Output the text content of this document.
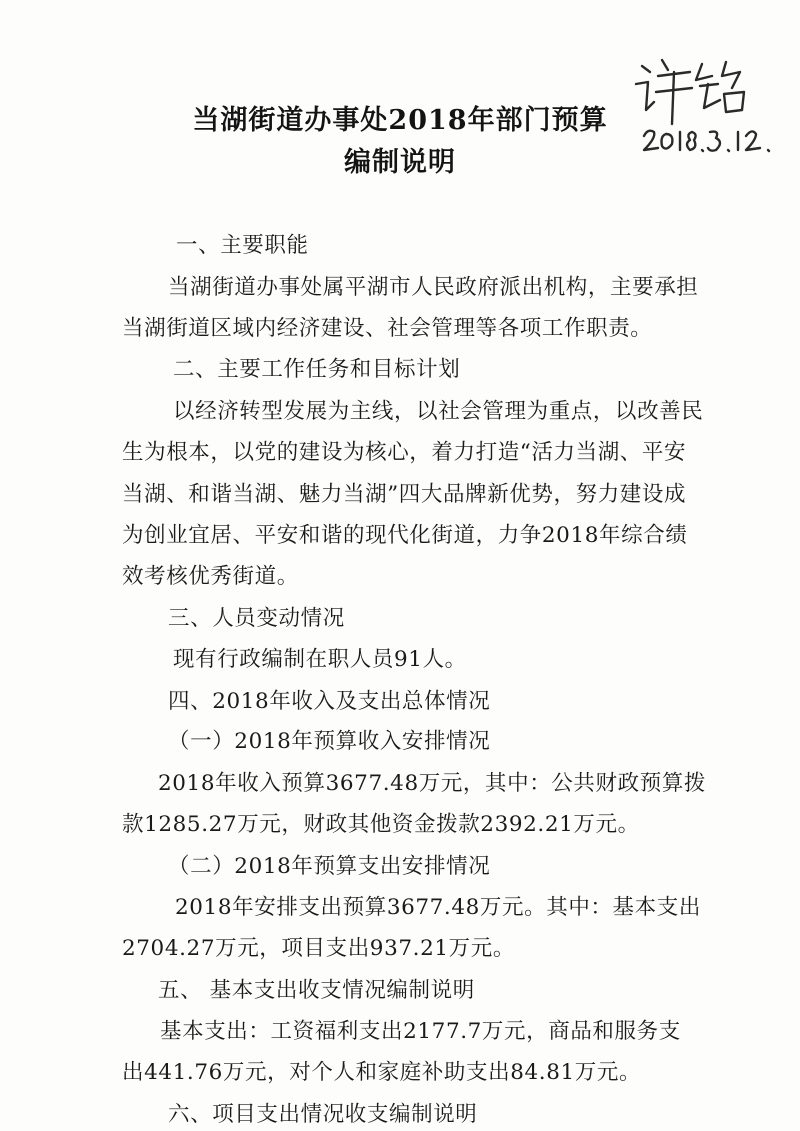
当湖街道办事处2018年部门预算
编制说明
一、主要职能
当湖街道办事处属平湖市人民政府派出机构，主要承担
当湖街道区域内经济建设、社会管理等各项工作职责。
二、主要工作任务和目标计划
以经济转型发展为主线，以社会管理为重点，以改善民
生为根本，以党的建设为核心，着力打造“活力当湖、平安
当湖、和谐当湖、魅力当湖”四大品牌新优势，努力建设成
为创业宜居、平安和谐的现代化街道，力争2018年综合绩
效考核优秀街道。
三、人员变动情况
现有行政编制在职人员91人。
四、2018年收入及支出总体情况
（一）2018年预算收入安排情况
2018年收入预算3677.48万元，其中：公共财政预算拨
款1285.27万元，财政其他资金拨款2392.21万元。
（二）2018年预算支出安排情况
2018年安排支出预算3677.48万元。其中：基本支出
2704.27万元，项目支出937.21万元。
五、 基本支出收支情况编制说明
基本支出：工资福利支出2177.7万元，商品和服务支
出441.76万元，对个人和家庭补助支出84.81万元。
六、项目支出情况收支编制说明
